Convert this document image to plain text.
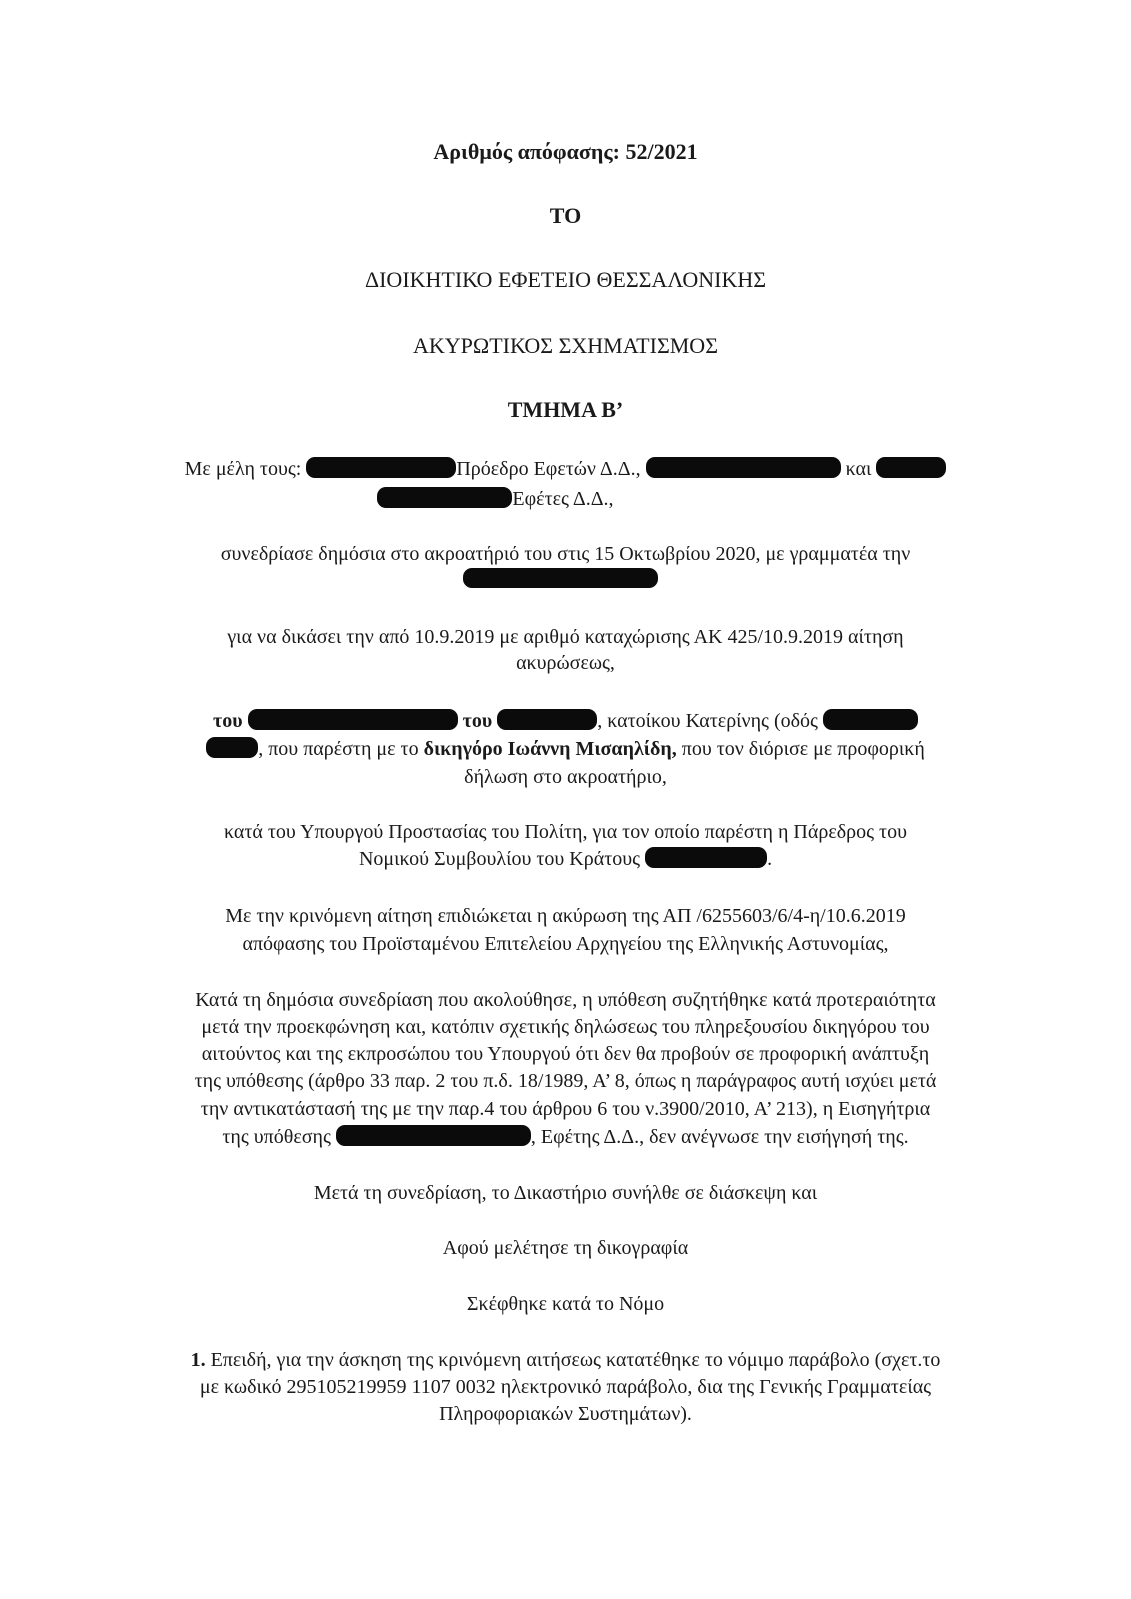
Αριθμός απόφασης: 52/2021
ΤΟ
ΔΙΟΙΚΗΤΙΚΟ ΕΦΕΤΕΙΟ ΘΕΣΣΑΛΟΝΙΚΗΣ
ΑΚΥΡΩΤΙΚΟΣ ΣΧΗΜΑΤΙΣΜΟΣ
ΤΜΗΜΑ Β’
Με μέλη τους:	Πρόεδρο Εφετών Δ.Δ.,	και
Εφέτες Δ.Δ.,
συνεδρίασε δημόσια στο ακροατήριό του στις 15 Οκτωβρίου 2020, με γραμματέα την
για να δικάσει την από 10.9.2019 με αριθμό καταχώρισης ΑΚ 425/10.9.2019 αίτηση
ακυρώσεως,
του	του	, κατοίκου Κατερίνης (οδός
, που παρέστη με το δικηγόρο Ιωάννη Μισαηλίδη, που τον διόρισε με προφορική
δήλωση στο ακροατήριο,
κατά του Υπουργού Προστασίας του Πολίτη, για τον οποίο παρέστη η Πάρεδρος του
Νομικού Συμβουλίου του Κράτους	.
Με την κρινόμενη αίτηση επιδιώκεται η ακύρωση της ΑΠ /6255603/6/4-η/10.6.2019
απόφασης του Προϊσταμένου Επιτελείου Αρχηγείου της Ελληνικής Αστυνομίας,
Κατά τη δημόσια συνεδρίαση που ακολούθησε, η υπόθεση συζητήθηκε κατά προτεραιότητα
μετά την προεκφώνηση και, κατόπιν σχετικής δηλώσεως του πληρεξουσίου δικηγόρου του
αιτούντος και της εκπροσώπου του Υπουργού ότι δεν θα προβούν σε προφορική ανάπτυξη
της υπόθεσης (άρθρο 33 παρ. 2 του π.δ. 18/1989, Α’ 8, όπως η παράγραφος αυτή ισχύει μετά
την αντικατάστασή της με την παρ.4 του άρθρου 6 του ν.3900/2010, Α’ 213), η Εισηγήτρια
της υπόθεσης	, Εφέτης Δ.Δ., δεν ανέγνωσε την εισήγησή της.
Μετά τη συνεδρίαση, το Δικαστήριο συνήλθε σε διάσκεψη και
Αφού μελέτησε τη δικογραφία
Σκέφθηκε κατά το Νόμο
1. Επειδή, για την άσκηση της κρινόμενη αιτήσεως κατατέθηκε το νόμιμο παράβολο (σχετ.το
με κωδικό 295105219959 1107 0032 ηλεκτρονικό παράβολο, δια της Γενικής Γραμματείας
Πληροφοριακών Συστημάτων).
